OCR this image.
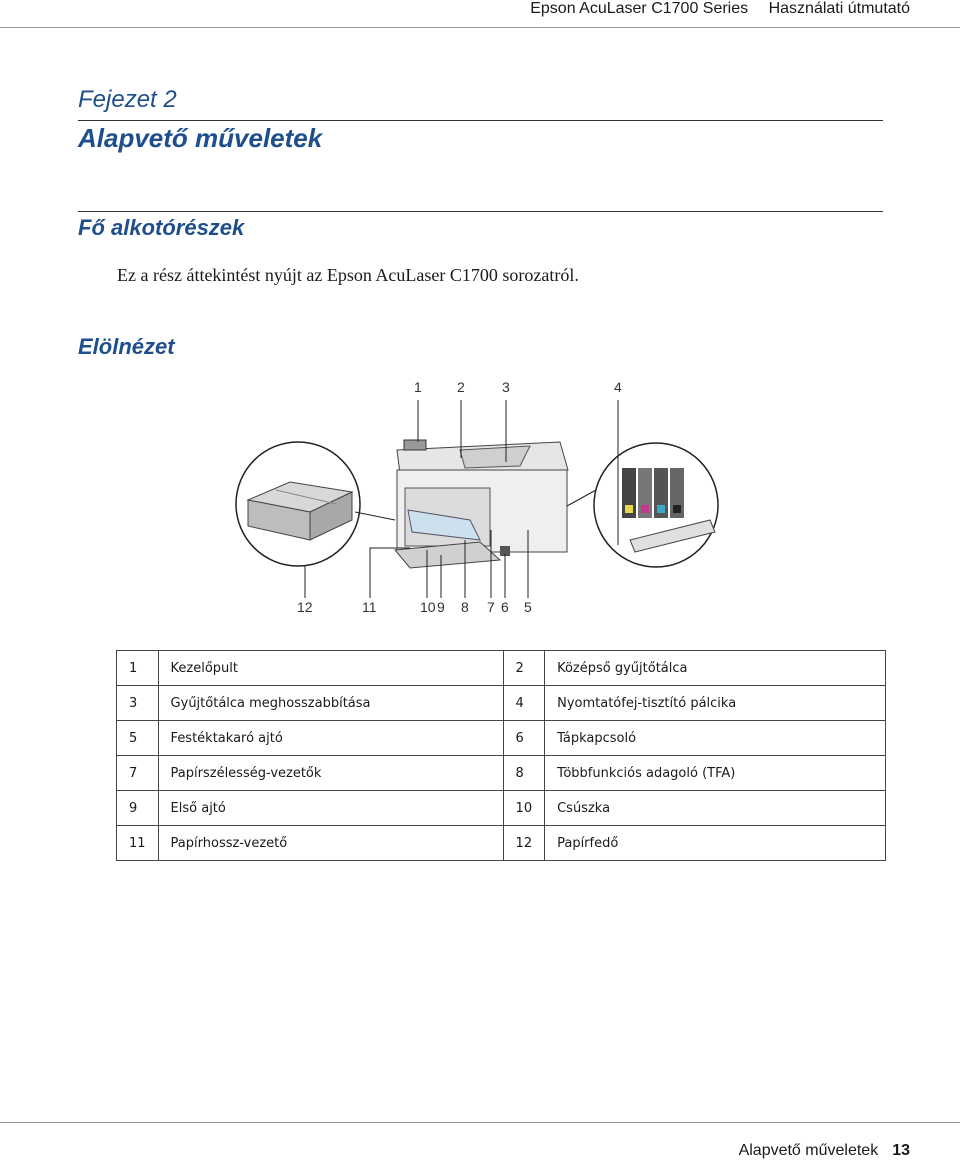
Epson AcuLaser C1700 Series Használati útmutató
Fejezet 2
Alapvető műveletek
Fő alkotórészek
Ez a rész áttekintést nyújt az Epson AcuLaser C1700 sorozatról.
Elölnézet
1	2	3	4
12	11	10 9 8 7 6 5
1	Kezelőpult	2	Középső gyűjtőtálca
3	Gyűjtőtálca meghosszabbítása	4	Nyomtatófej-tisztító pálcika
5	Festéktakaró ajtó	6	Tápkapcsoló
7	Papírszélesség-vezetők	8	Többfunkciós adagoló (TFA)
9	Első ajtó	10	Csúszka
11	Papírhossz-vezető	12	Papírfedő
Alapvető műveletek 13
